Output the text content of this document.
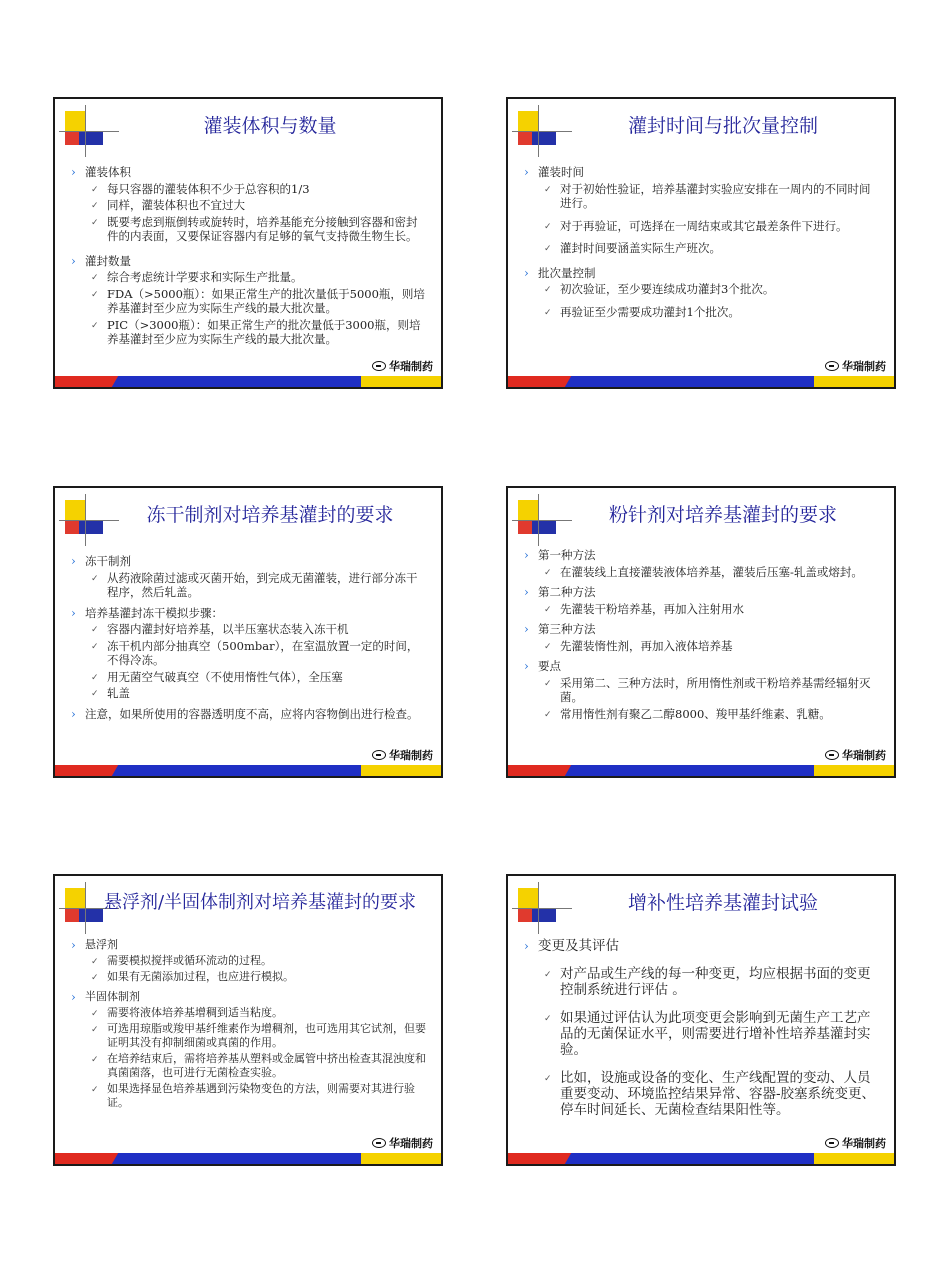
灌装体积与数量
› 灌装体积
✓ 每只容器的灌装体积不少于总容积的1/3
✓ 同样，灌装体积也不宜过大
✓ 既要考虑到瓶倒转或旋转时，培养基能充分接触到容器和密封件的内表面，又要保证容器内有足够的氧气支持微生物生长。
› 灌封数量
✓ 综合考虑统计学要求和实际生产批量。
✓ FDA（>5000瓶）：如果正常生产的批次量低于5000瓶，则培养基灌封至少应为实际生产线的最大批次量。
✓ PIC（>3000瓶）：如果正常生产的批次量低于3000瓶，则培养基灌封至少应为实际生产线的最大批次量。
华瑞制药
灌封时间与批次量控制
› 灌装时间
✓ 对于初始性验证，培养基灌封实验应安排在一周内的不同时间进行。
✓ 对于再验证，可选择在一周结束或其它最差条件下进行。
✓ 灌封时间要涵盖实际生产班次。
› 批次量控制
✓ 初次验证，至少要连续成功灌封3个批次。
✓ 再验证至少需要成功灌封1个批次。
华瑞制药
冻干制剂对培养基灌封的要求
› 冻干制剂
✓ 从药液除菌过滤或灭菌开始，到完成无菌灌装，进行部分冻干程序，然后轧盖。
› 培养基灌封冻干模拟步骤：
✓ 容器内灌封好培养基，以半压塞状态装入冻干机
✓ 冻干机内部分抽真空（500mbar），在室温放置一定的时间，不得冷冻。
✓ 用无菌空气破真空（不使用惰性气体），全压塞
✓ 轧盖
› 注意，如果所使用的容器透明度不高，应将内容物倒出进行检查。
华瑞制药
粉针剂对培养基灌封的要求
› 第一种方法
✓ 在灌装线上直接灌装液体培养基，灌装后压塞-轧盖或熔封。
› 第二种方法
✓ 先灌装干粉培养基，再加入注射用水
› 第三种方法
✓ 先灌装惰性剂，再加入液体培养基
› 要点
✓ 采用第二、三种方法时，所用惰性剂或干粉培养基需经辐射灭菌。
✓ 常用惰性剂有聚乙二醇8000、羧甲基纤维素、乳糖。
华瑞制药
悬浮剂/半固体制剂对培养基灌封的要求
› 悬浮剂
✓ 需要模拟搅拌或循环流动的过程。
✓ 如果有无菌添加过程，也应进行模拟。
› 半固体制剂
✓ 需要将液体培养基增稠到适当粘度。
✓ 可选用琼脂或羧甲基纤维素作为增稠剂，也可选用其它试剂，但要证明其没有抑制细菌或真菌的作用。
✓ 在培养结束后，需将培养基从塑料或金属管中挤出检查其混浊度和真菌菌落，也可进行无菌检查实验。
✓ 如果选择显色培养基遇到污染物变色的方法，则需要对其进行验证。
华瑞制药
增补性培养基灌封试验
› 变更及其评估
✓ 对产品或生产线的每一种变更，均应根据书面的变更控制系统进行评估 。
✓ 如果通过评估认为此项变更会影响到无菌生产工艺产品的无菌保证水平，则需要进行增补性培养基灌封实验。
✓ 比如，设施或设备的变化、生产线配置的变动、人员重要变动、环境监控结果异常、容器-胶塞系统变更、停车时间延长、无菌检查结果阳性等。
华瑞制药
